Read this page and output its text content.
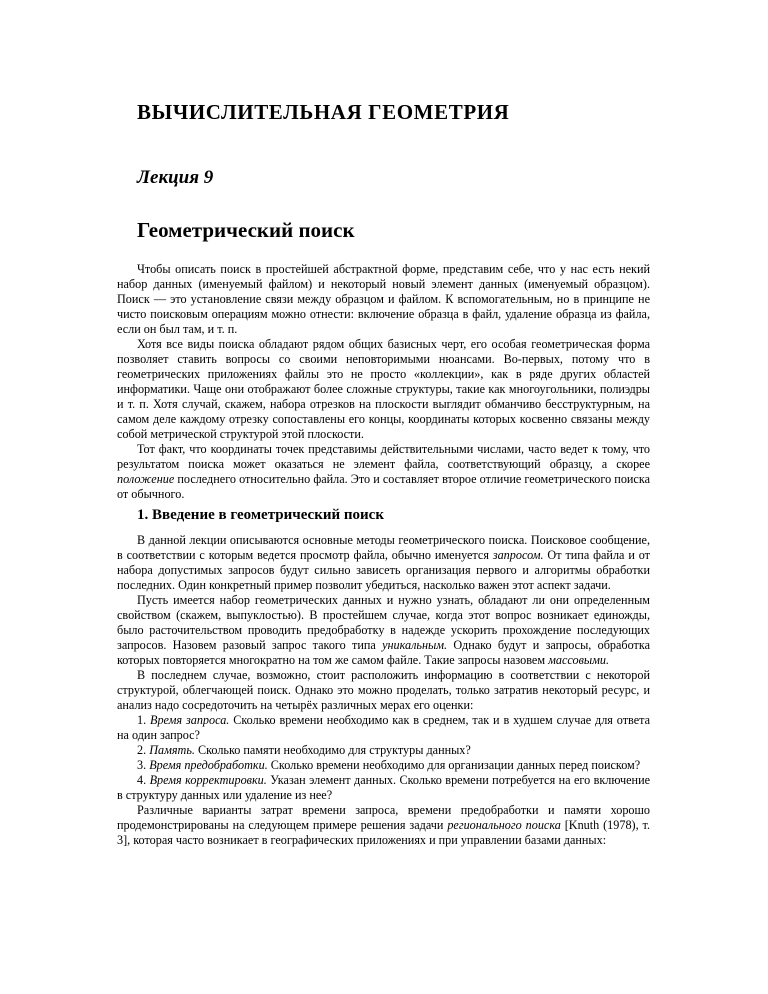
ВЫЧИСЛИТЕЛЬНАЯ ГЕОМЕТРИЯ
Лекция 9
Геометрический поиск

Чтобы описать поиск в простейшей абстрактной форме, представим себе, что у нас есть некий набор данных (именуемый файлом) и некоторый новый элемент данных (именуемый образцом). Поиск — это установление связи между образцом и файлом. К вспомогательным, но в принципе не чисто поисковым операциям можно отнести: включение образца в файл, удаление образца из файла, если он был там, и т. п.

Хотя все виды поиска обладают рядом общих базисных черт, его особая геометрическая форма позволяет ставить вопросы со своими неповторимыми нюансами. Во-первых, потому что в геометрических приложениях файлы это не просто «коллекции», как в ряде других областей информатики. Чаще они отображают более сложные структуры, такие как многоугольники, полиэдры и т. п. Хотя случай, скажем, набора отрезков на плоскости выглядит обманчиво бесструктурным, на самом деле каждому отрезку сопоставлены его концы, координаты которых косвенно связаны между собой метрической структурой этой плоскости.

Тот факт, что координаты точек представимы действительными числами, часто ведет к тому, что результатом поиска может оказаться не элемент файла, соответствующий образцу, а скорее положение последнего относительно файла. Это и составляет второе отличие геометрического поиска от обычного.

1. Введение в геометрический поиск

В данной лекции описываются основные методы геометрического поиска. Поисковое сообщение, в соответствии с которым ведется просмотр файла, обычно именуется запросом. От типа файла и от набора допустимых запросов будут сильно зависеть организация первого и алгоритмы обработки последних. Один конкретный пример позволит убедиться, насколько важен этот аспект задачи.

Пусть имеется набор геометрических данных и нужно узнать, обладают ли они определенным свойством (скажем, выпуклостью). В простейшем случае, когда этот вопрос возникает единожды, было расточительством проводить предобработку в надежде ускорить прохождение последующих запросов. Назовем разовый запрос такого типа уникальным. Однако будут и запросы, обработка которых повторяется многократно на том же самом файле. Такие запросы назовем массовыми.

В последнем случае, возможно, стоит расположить информацию в соответствии с некоторой структурой, облегчающей поиск. Однако это можно проделать, только затратив некоторый ресурс, и анализ надо сосредоточить на четырёх различных мерах его оценки:

1. Время запроса. Сколько времени необходимо как в среднем, так и в худшем случае для ответа на один запрос?

2. Память. Сколько памяти необходимо для структуры данных?

3. Время предобработки. Сколько времени необходимо для организации данных перед поиском?

4. Время корректировки. Указан элемент данных. Сколько времени потребуется на его включение в структуру данных или удаление из нее?

Различные варианты затрат времени запроса, времени предобработки и памяти хорошо продемонстрированы на следующем примере решения задачи регионального поиска [Knuth (1978), т. 3], которая часто возникает в географических приложениях и при управлении базами данных:
